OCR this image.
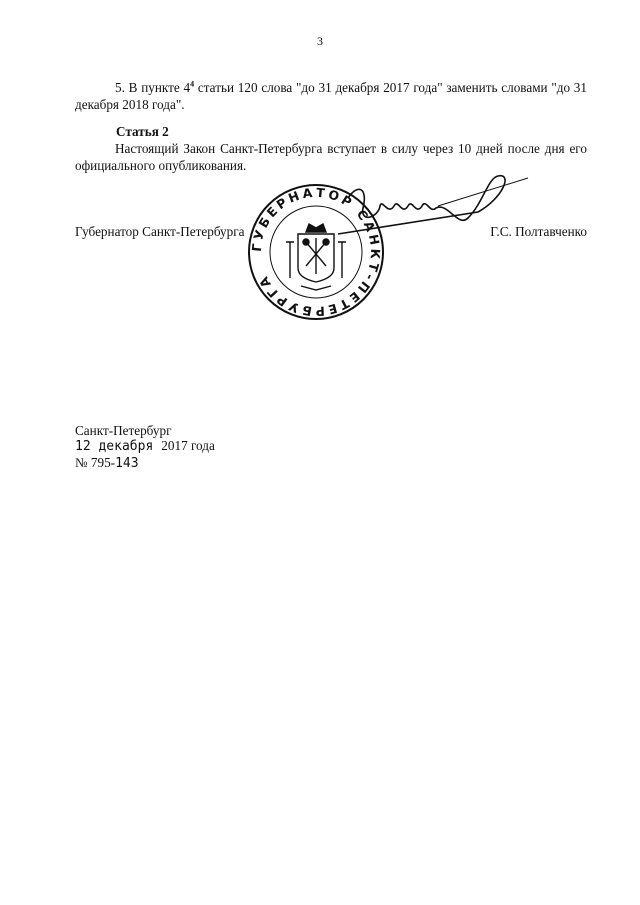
3
5. В пункте $4^4$ статьи 120 слова "до 31 декабря 2017 года" заменить словами "до 31 декабря 2018 года".
Статья 2
Настоящий Закон Санкт-Петербурга вступает в силу через 10 дней после дня его официального опубликования.
ГУБЕРНАТОР САНКТ-ПЕТЕРБУРГА
Губернатор Санкт-Петербурга	Г.С. Полтавченко
Санкт-Петербург
12 декабря 2017 года
№ 795-143
